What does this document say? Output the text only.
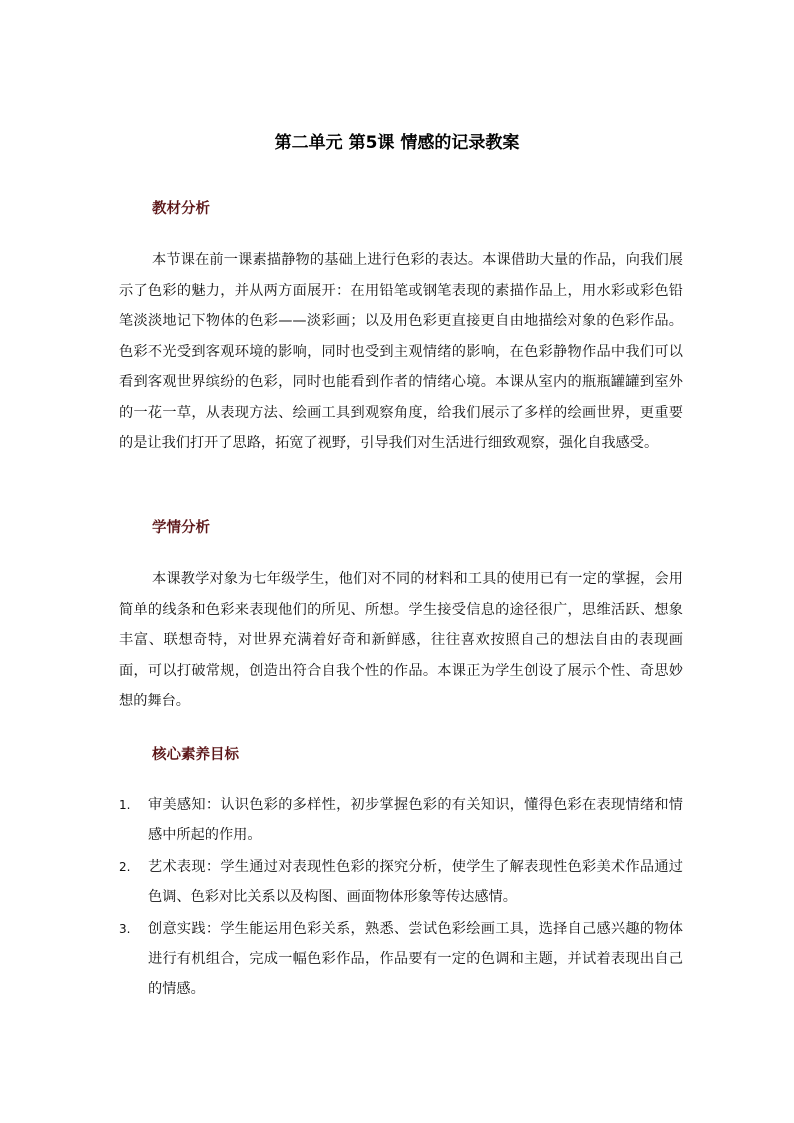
第二单元 第5课 情感的记录教案
教材分析

本节课在前一课素描静物的基础上进行色彩的表达。本课借助大量的作品，向我们展示了色彩的魅力，并从两方面展开：在用铅笔或钢笔表现的素描作品上，用水彩或彩色铅笔淡淡地记下物体的色彩——淡彩画；以及用色彩更直接更自由地描绘对象的色彩作品。色彩不光受到客观环境的影响，同时也受到主观情绪的影响，在色彩静物作品中我们可以看到客观世界缤纷的色彩，同时也能看到作者的情绪心境。本课从室内的瓶瓶罐罐到室外的一花一草，从表现方法、绘画工具到观察角度，给我们展示了多样的绘画世界，更重要的是让我们打开了思路，拓宽了视野，引导我们对生活进行细致观察，强化自我感受。

学情分析

本课教学对象为七年级学生，他们对不同的材料和工具的使用已有一定的掌握，会用简单的线条和色彩来表现他们的所见、所想。学生接受信息的途径很广，思维活跃、想象丰富、联想奇特，对世界充满着好奇和新鲜感，往往喜欢按照自己的想法自由的表现画面，可以打破常规，创造出符合自我个性的作品。本课正为学生创设了展示个性、奇思妙想的舞台。

核心素养目标
1. 审美感知：认识色彩的多样性，初步掌握色彩的有关知识，懂得色彩在表现情绪和情感中所起的作用。
2. 艺术表现：学生通过对表现性色彩的探究分析，使学生了解表现性色彩美术作品通过色调、色彩对比关系以及构图、画面物体形象等传达感情。
3. 创意实践：学生能运用色彩关系，熟悉、尝试色彩绘画工具，选择自己感兴趣的物体进行有机组合，完成一幅色彩作品，作品要有一定的色调和主题，并试着表现出自己的情感。
